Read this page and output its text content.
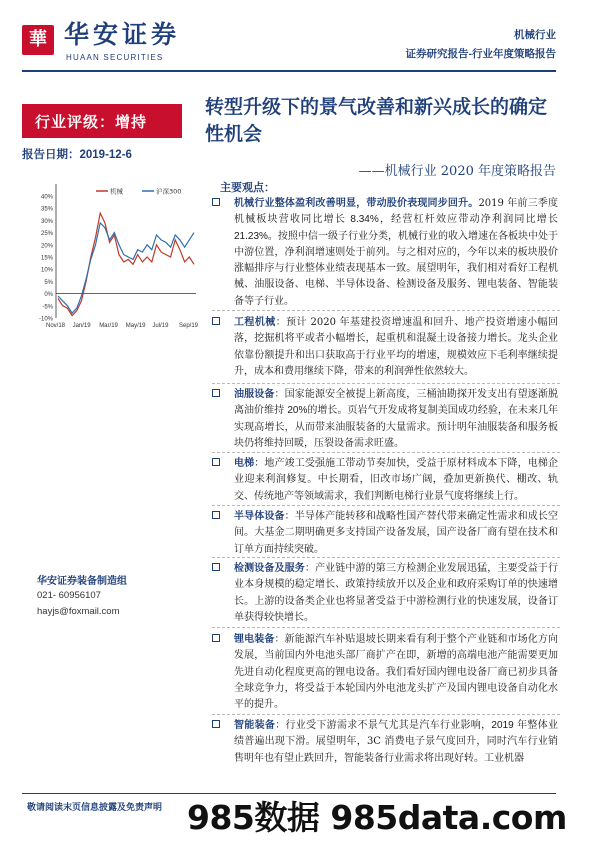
華 华安证券
HUAAN SECURITIES
机械行业
证券研究报告-行业年度策略报告
行业评级：增持
报告日期：2019-12-6
转型升级下的景气改善和新兴成长的确定性机会
——机械行业 2020 年度策略报告
40%
35%
30%
25%
20%
15%
10%
5%
0%
-5%
-10%
Nov/18 Jan/19 Mar/19 May/19 Jul/19 Sep/19
机械	沪深300
华安证券装备制造组
021- 60956107
hayjs@foxmail.com
主要观点：
机械行业整体盈利改善明显，带动股价表现同步回升。2019 年前三季度机械板块营收同比增长 8.34%，经营杠杆效应带动净利润同比增长 21.23%。按照中信一级子行业分类，机械行业的收入增速在各板块中处于中游位置，净利润增速则处于前列。与之相对应的，今年以来的板块股价涨幅排序与行业整体业绩表现基本一致。展望明年，我们相对看好工程机械、油服设备、电梯、半导体设备、检测设备及服务、锂电装备、智能装备等子行业。
工程机械：预计 2020 年基建投资增速温和回升、地产投资增速小幅回落，挖掘机将平或者小幅增长，起重机和混凝土设备接力增长。龙头企业依靠份额提升和出口获取高于行业平均的增速，规模效应下毛利率继续提升，成本和费用继续下降，带来的利润弹性依然较大。
油服设备：国家能源安全被提上新高度，三桶油勘探开发支出有望逐渐脱离油价维持 20%的增长。页岩气开发成将复制美国成功经验，在未来几年实现高增长，从而带来油服装备的大量需求。预计明年油服装备和服务板块仍将维持回暖，压裂设备需求旺盛。
电梯：地产竣工受强施工带动节奏加快，受益于原材料成本下降，电梯企业迎来利润修复。中长期看，旧改市场广阔，叠加更新换代、棚改、轨交、传统地产等领域需求，我们判断电梯行业景气度将继续上行。
半导体设备：半导体产能转移和战略性国产替代带来确定性需求和成长空间。大基金二期明确更多支持国产设备发展，国产设备厂商有望在技术和订单方面持续突破。
检测设备及服务：产业链中游的第三方检测企业发展迅猛，主要受益于行业本身规模的稳定增长、政策持续放开以及企业和政府采购订单的快速增长。上游的设备类企业也将显著受益于中游检测行业的快速发展，设备订单获得较快增长。
锂电装备：新能源汽车补贴退坡长期来看有利于整个产业链和市场化方向发展，当前国内外电池头部厂商扩产在即，新增的高端电池产能需要更加先进自动化程度更高的锂电设备。我们看好国内锂电设备厂商已初步具备全球竞争力，将受益于本轮国内外电池龙头扩产及国内锂电设备自动化水平的提升。
智能装备：行业受下游需求不景气尤其是汽车行业影响，2019 年整体业绩普遍出现下滑。展望明年，3C 消费电子景气度回升，同时汽车行业销售明年也有望止跌回升，智能装备行业需求将出现好转。工业机器
敬请阅读末页信息披露及免责声明 985数据 985data.com
